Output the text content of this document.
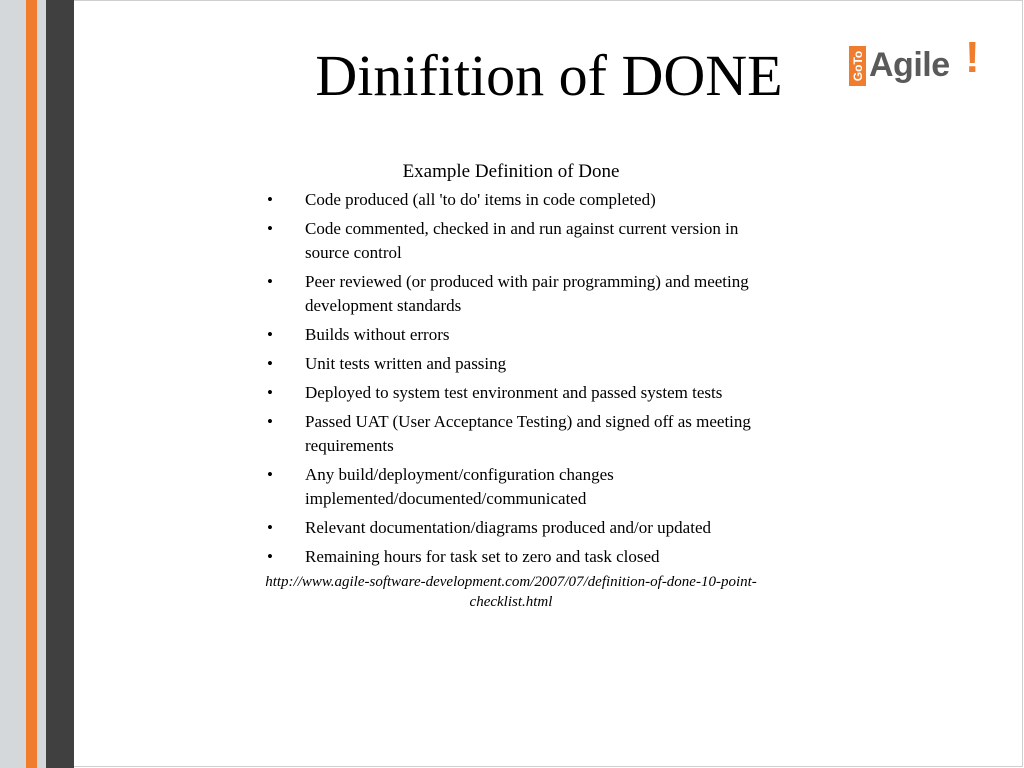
Dinifition of DONE	GoTo Agile !

Example Definition of Done

• Code produced (all 'to do' items in code completed)
• Code commented, checked in and run against current version in source control
• Peer reviewed (or produced with pair programming) and meeting development standards
• Builds without errors
• Unit tests written and passing
• Deployed to system test environment and passed system tests
• Passed UAT (User Acceptance Testing) and signed off as meeting requirements
• Any build/deployment/configuration changes implemented/documented/communicated
• Relevant documentation/diagrams produced and/or updated
• Remaining hours for task set to zero and task closed
http://www.agile-software-development.com/2007/07/definition-of-done-10-point-checklist.html
